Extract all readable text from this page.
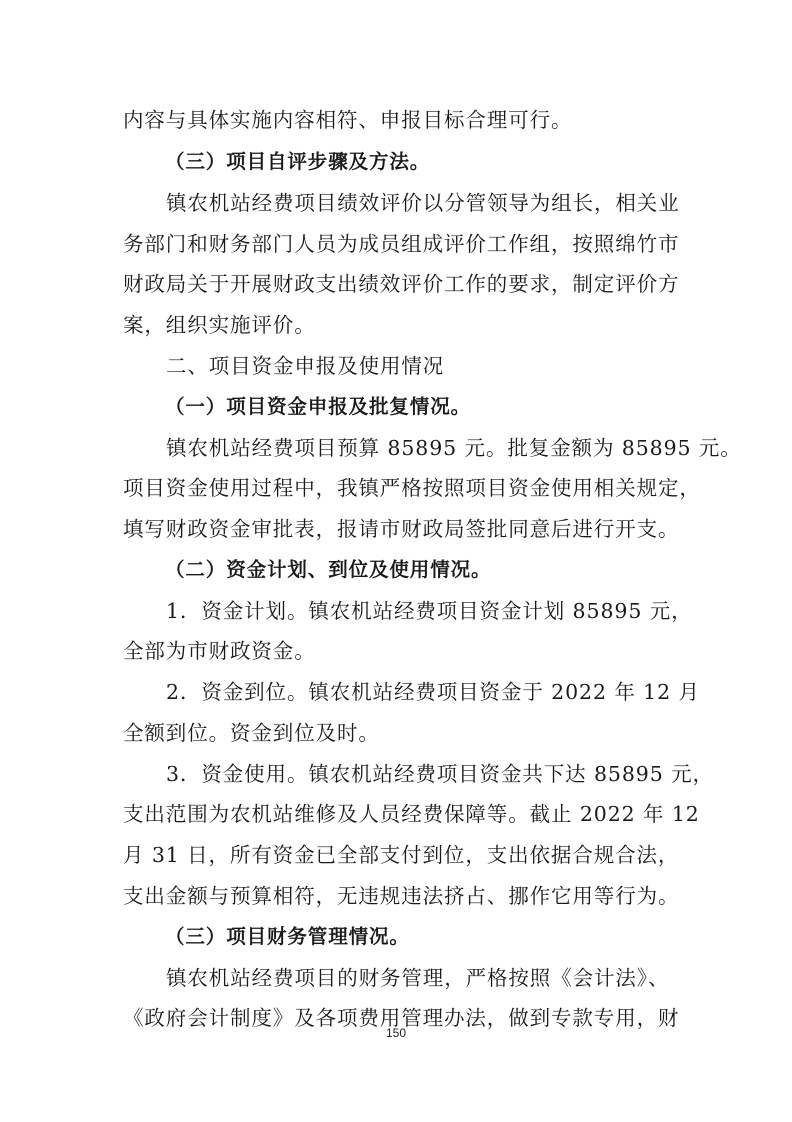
内容与具体实施内容相符、申报目标合理可行。
（三）项目自评步骤及方法。
镇农机站经费项目绩效评价以分管领导为组长，相关业
务部门和财务部门人员为成员组成评价工作组，按照绵竹市
财政局关于开展财政支出绩效评价工作的要求，制定评价方
案，组织实施评价。
二、项目资金申报及使用情况
（一）项目资金申报及批复情况。
镇农机站经费项目预算 85895 元。批复金额为 85895 元。
项目资金使用过程中，我镇严格按照项目资金使用相关规定，
填写财政资金审批表，报请市财政局签批同意后进行开支。
（二）资金计划、到位及使用情况。
1．资金计划。镇农机站经费项目资金计划 85895 元，
全部为市财政资金。
2．资金到位。镇农机站经费项目资金于 2022 年 12 月
全额到位。资金到位及时。
3．资金使用。镇农机站经费项目资金共下达 85895 元，
支出范围为农机站维修及人员经费保障等。截止 2022 年 12
月 31 日，所有资金已全部支付到位，支出依据合规合法，
支出金额与预算相符，无违规违法挤占、挪作它用等行为。
（三）项目财务管理情况。
镇农机站经费项目的财务管理，严格按照《会计法》、
《政府会计制度》及各项费用管理办法，做到专款专用，财
150
